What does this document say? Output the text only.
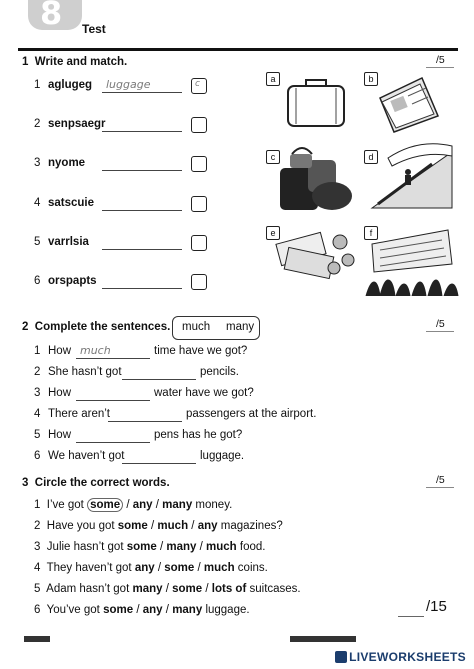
8 Test
1 Write and match.	/5
1 aglugeg luggage	c
2 senpsaegr
3 nyome
4 satscuie
5 varrlsia
6 orspapts
a	b
c	d
e	f
2 Complete the sentences. much many	/5
1 How much	time have we got?
2 She hasn’t got	pencils.
3 How	water have we got?
4 There aren’t	passengers at the airport.
5 How	pens has he got?
6 We haven’t got	luggage.
3 Circle the correct words.	/5
1 I’ve got some / any / many money.
2 Have you got some / much / any magazines?
3 Julie hasn’t got some / many / much food.
4 They haven’t got any / some / much coins.
5 Adam hasn’t got many / some / lots of suitcases.
6 You’ve got some / any / many luggage.	/15
LIVEWORKSHEETS
